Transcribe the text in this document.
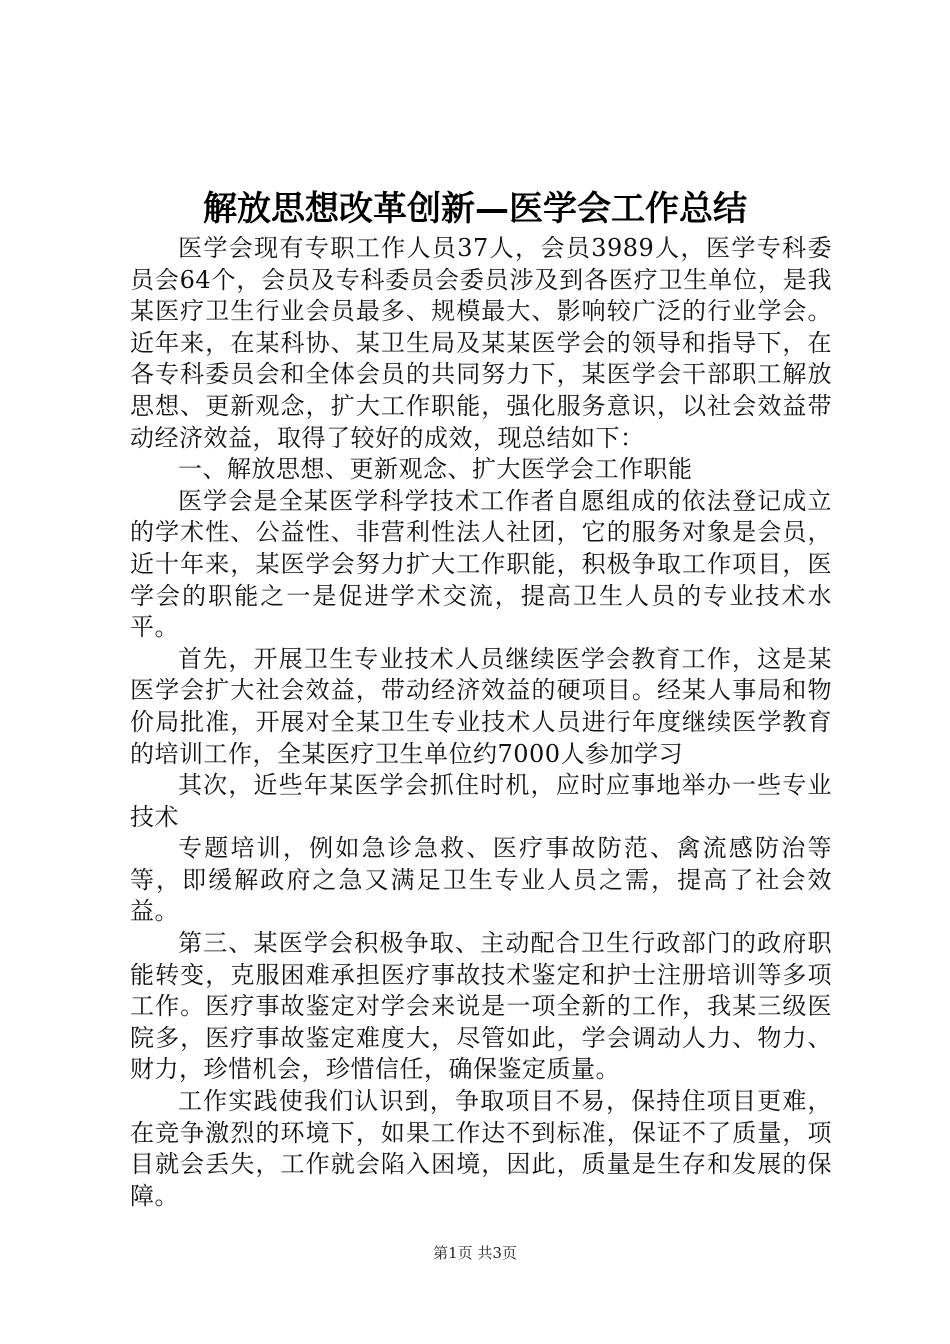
解放思想改革创新—医学会工作总结

医学会现有专职工作人员37人，会员3989人，医学专科委员会64个，会员及专科委员会委员涉及到各医疗卫生单位，是我某医疗卫生行业会员最多、规模最大、影响较广泛的行业学会。近年来，在某科协、某卫生局及某某医学会的领导和指导下，在各专科委员会和全体会员的共同努力下，某医学会干部职工解放思想、更新观念，扩大工作职能，强化服务意识，以社会效益带动经济效益，取得了较好的成效，现总结如下：

一、解放思想、更新观念、扩大医学会工作职能

医学会是全某医学科学技术工作者自愿组成的依法登记成立的学术性、公益性、非营利性法人社团，它的服务对象是会员，近十年来，某医学会努力扩大工作职能，积极争取工作项目，医学会的职能之一是促进学术交流，提高卫生人员的专业技术水平。

首先，开展卫生专业技术人员继续医学会教育工作，这是某医学会扩大社会效益，带动经济效益的硬项目。经某人事局和物价局批准，开展对全某卫生专业技术人员进行年度继续医学教育的培训工作，全某医疗卫生单位约7000人参加学习

其次，近些年某医学会抓住时机，应时应事地举办一些专业技术

专题培训，例如急诊急救、医疗事故防范、禽流感防治等等，即缓解政府之急又满足卫生专业人员之需，提高了社会效益。

第三、某医学会积极争取、主动配合卫生行政部门的政府职能转变，克服困难承担医疗事故技术鉴定和护士注册培训等多项工作。医疗事故鉴定对学会来说是一项全新的工作，我某三级医院多，医疗事故鉴定难度大，尽管如此，学会调动人力、物力、财力，珍惜机会，珍惜信任，确保鉴定质量。

工作实践使我们认识到，争取项目不易，保持住项目更难，在竞争激烈的环境下，如果工作达不到标准，保证不了质量，项目就会丢失，工作就会陷入困境，因此，质量是生存和发展的保障。

第1页 共3页
